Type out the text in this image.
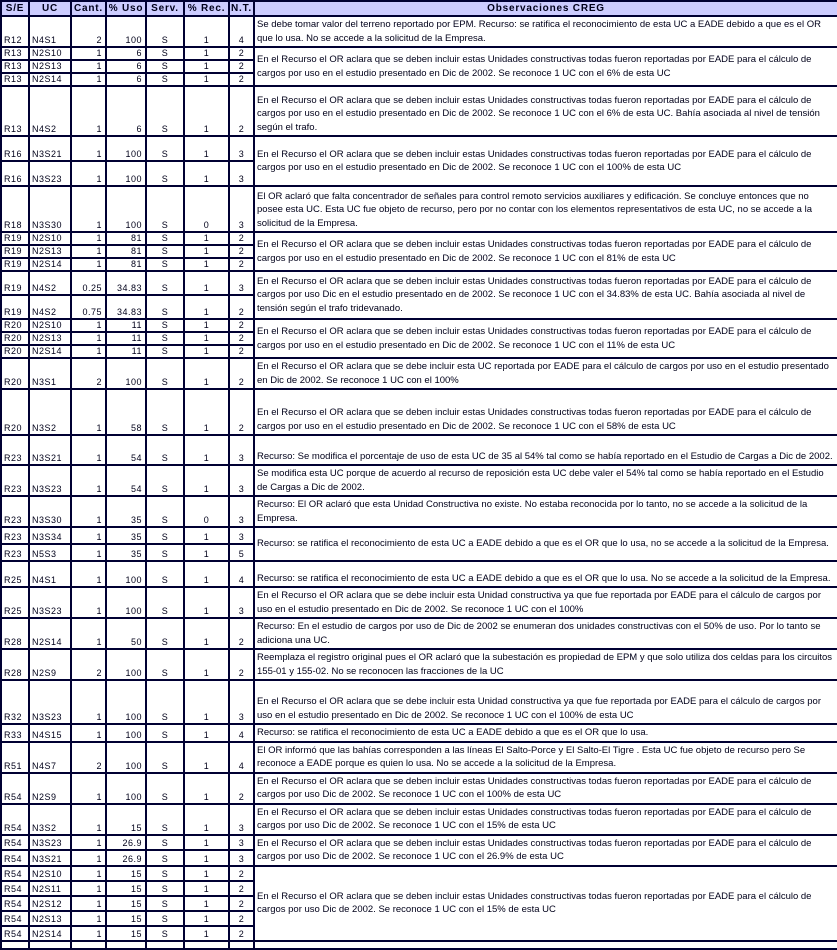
S/E	UC	Cant.	% Uso	Serv.	% Rec.	N.T.	Observaciones CREG
R12	N4S1	2	100	S	1	4	Se debe tomar valor del terreno reportado por EPM. Recurso: se ratifica el reconocimiento de esta UC a EADE debido a que es el OR que lo usa. No se accede a la solicitud de la Empresa.
R13	N2S10	1	6	S	1	2	En el Recurso el OR aclara que se deben incluir estas Unidades constructivas todas fueron reportadas por EADE para el cálculo de cargos por uso en el estudio presentado en Dic de 2002. Se reconoce 1 UC con el 6% de esta UC
R13	N2S13	1	6	S	1	2	
R13	N2S14	1	6	S	1	2	
R13	N4S2	1	6	S	1	2	En el Recurso el OR aclara que se deben incluir estas Unidades constructivas todas fueron reportadas por EADE para el cálculo de cargos por uso en el estudio presentado en Dic de 2002. Se reconoce 1 UC con el 6% de esta UC. Bahía asociada al nivel de tensión según el trafo.
R16	N3S21	1	100	S	1	3	En el Recurso el OR aclara que se deben incluir estas Unidades constructivas todas fueron reportadas por EADE para el cálculo de cargos por uso en el estudio presentado en Dic de 2002. Se reconoce 1 UC con el 100% de esta UC
R16	N3S23	1	100	S	1	3	
R18	N3S30	1	100	S	0	3	El OR aclaró que falta concentrador de señales para control remoto servicios auxiliares y edificación. Se concluye entonces que no posee esta UC. Esta UC fue objeto de recurso, pero por no contar con los elementos representativos de esta UC, no se accede a la solicitud de la Empresa.
R19	N2S10	1	81	S	1	2	En el Recurso el OR aclara que se deben incluir estas Unidades constructivas todas fueron reportadas por EADE para el cálculo de cargos por uso en el estudio presentado en Dic de 2002. Se reconoce 1 UC con el 81% de esta UC
R19	N2S13	1	81	S	1	2	
R19	N2S14	1	81	S	1	2	
R19	N4S2	0.25	34.83	S	1	3	En el Recurso el OR aclara que se deben incluir estas Unidades constructivas todas fueron reportadas por EADE para el cálculo de cargos por uso Dic en el estudio presentado en de 2002. Se reconoce 1 UC con el 34.83% de esta UC. Bahía asociada al nivel de tensión según el trafo tridevanado.
R19	N4S2	0.75	34.83	S	1	2	
R20	N2S10	1	11	S	1	2	En el Recurso el OR aclara que se deben incluir estas Unidades constructivas todas fueron reportadas por EADE para el cálculo de cargos por uso en el estudio presentado en Dic de 2002. Se reconoce 1 UC con el 11% de esta UC
R20	N2S13	1	11	S	1	2	
R20	N2S14	1	11	S	1	2	
R20	N3S1	2	100	S	1	2	En el Recurso el OR aclara que se debe incluir esta UC reportada por EADE para el cálculo de cargos por uso en el estudio presentado en Dic de 2002. Se reconoce 1 UC con el 100%
R20	N3S2	1	58	S	1	2	En el Recurso el OR aclara que se deben incluir estas Unidades constructivas todas fueron reportadas por EADE para el cálculo de cargos por uso en el estudio presentado en Dic de 2002. Se reconoce 1 UC con el 58% de esta UC
R23	N3S21	1	54	S	1	3	Recurso: Se modifica el porcentaje de uso de esta UC de 35 al 54% tal como se había reportado en el Estudio de Cargas a Dic de 2002.
R23	N3S23	1	54	S	1	3	Se modifica esta UC porque de acuerdo al recurso de reposición esta UC debe valer el 54% tal como se había reportado en el Estudio de Cargas a Dic de 2002.
R23	N3S30	1	35	S	0	3	Recurso: El OR aclaró que esta Unidad Constructiva no existe. No estaba reconocida por lo tanto, no se accede a la solicitud de la Empresa.
R23	N3S34	1	35	S	1	3	Recurso: se ratifica el reconocimiento de esta UC a EADE debido a que es el OR que lo usa, no se accede a la solicitud de la Empresa.
R23	N5S3	1	35	S	1	5	
R25	N4S1	1	100	S	1	4	Recurso: se ratifica el reconocimiento de esta UC a EADE debido a que es el OR que lo usa. No se accede a la solicitud de la Empresa.
R25	N3S23	1	100	S	1	3	En el Recurso el OR aclara que se debe incluir esta Unidad constructiva ya que fue reportada por EADE para el cálculo de cargos por uso en el estudio presentado en Dic de 2002. Se reconoce 1 UC con el 100%
R28	N2S14	1	50	S	1	2	Recurso: En el estudio de cargos por uso de Dic de 2002 se enumeran dos unidades constructivas con el 50% de uso. Por lo tanto se adiciona una UC.
R28	N2S9	2	100	S	1	2	Reemplaza el registro original pues el OR aclaró que la subestación es propiedad de EPM y que solo utiliza dos celdas para los circuitos 155-01 y 155-02. No se reconocen las fracciones de la UC
R32	N3S23	1	100	S	1	3	En el Recurso el OR aclara que se debe incluir esta Unidad constructiva ya que fue reportada por EADE para el cálculo de cargos por uso en el estudio presentado en Dic de 2002. Se reconoce 1 UC con el 100% de esta UC
R33	N4S15	1	100	S	1	4	Recurso: se ratifica el reconocimiento de esta UC a EADE debido a que es el OR que lo usa.
R51	N4S7	2	100	S	1	4	El OR informó que las bahías corresponden a las líneas El Salto-Porce y El Salto-El Tigre . Esta UC fue objeto de recurso pero Se reconoce a EADE porque es quien lo usa. No se accede a la solicitud de la Empresa.
R54	N2S9	1	100	S	1	2	En el Recurso el OR aclara que se deben incluir estas Unidades constructivas todas fueron reportadas por EADE para el cálculo de cargos por uso Dic de 2002. Se reconoce 1 UC con el 100% de esta UC
R54	N3S2	1	15	S	1	3	En el Recurso el OR aclara que se deben incluir estas Unidades constructivas todas fueron reportadas por EADE para el cálculo de cargos por uso Dic de 2002. Se reconoce 1 UC con el 15% de esta UC
R54	N3S23	1	26.9	S	1	3	En el Recurso el OR aclara que se deben incluir estas Unidades constructivas todas fueron reportadas por EADE para el cálculo de cargos por uso Dic de 2002. Se reconoce 1 UC con el 26.9% de esta UC
R54	N3S21	1	26.9	S	1	3	
R54	N2S10	1	15	S	1	2	En el Recurso el OR aclara que se deben incluir estas Unidades constructivas todas fueron reportadas por EADE para el cálculo de cargos por uso Dic de 2002. Se reconoce 1 UC con el 15% de esta UC
R54	N2S11	1	15	S	1	2	
R54	N2S12	1	15	S	1	2	
R54	N2S13	1	15	S	1	2	
R54	N2S14	1	15	S	1	2	
